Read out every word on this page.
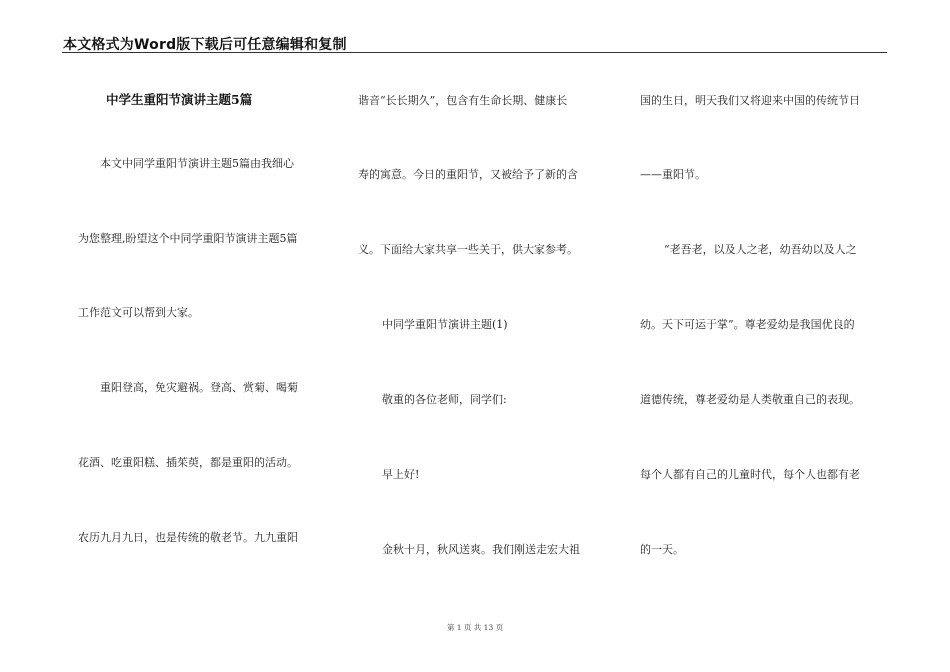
本文格式为Word版下载后可任意编辑和复制
中学生重阳节演讲主题5篇
本文中同学重阳节演讲主题5篇由我细心
为您整理,盼望这个中同学重阳节演讲主题5篇
工作范文可以帮到大家。
重阳登高，免灾避祸。登高、赏菊、喝菊
花酒、吃重阳糕、插茱萸，都是重阳的活动。
农历九月九日，也是传统的敬老节。九九重阳
谐音“长长期久”，包含有生命长期、健康长
寿的寓意。今日的重阳节，又被给予了新的含
义。下面给大家共享一些关于，供大家参考。
中同学重阳节演讲主题(1)
敬重的各位老师，同学们:
早上好!
金秋十月，秋风送爽。我们刚送走宏大祖
国的生日，明天我们又将迎来中国的传统节日
——重阳节。
“老吾老，以及人之老，幼吾幼以及人之
幼。天下可运于掌”。尊老爱幼是我国优良的
道德传统，尊老爱幼是人类敬重自己的表现。
每个人都有自己的儿童时代，每个人也都有老
的一天。
第 1 页 共 13 页
